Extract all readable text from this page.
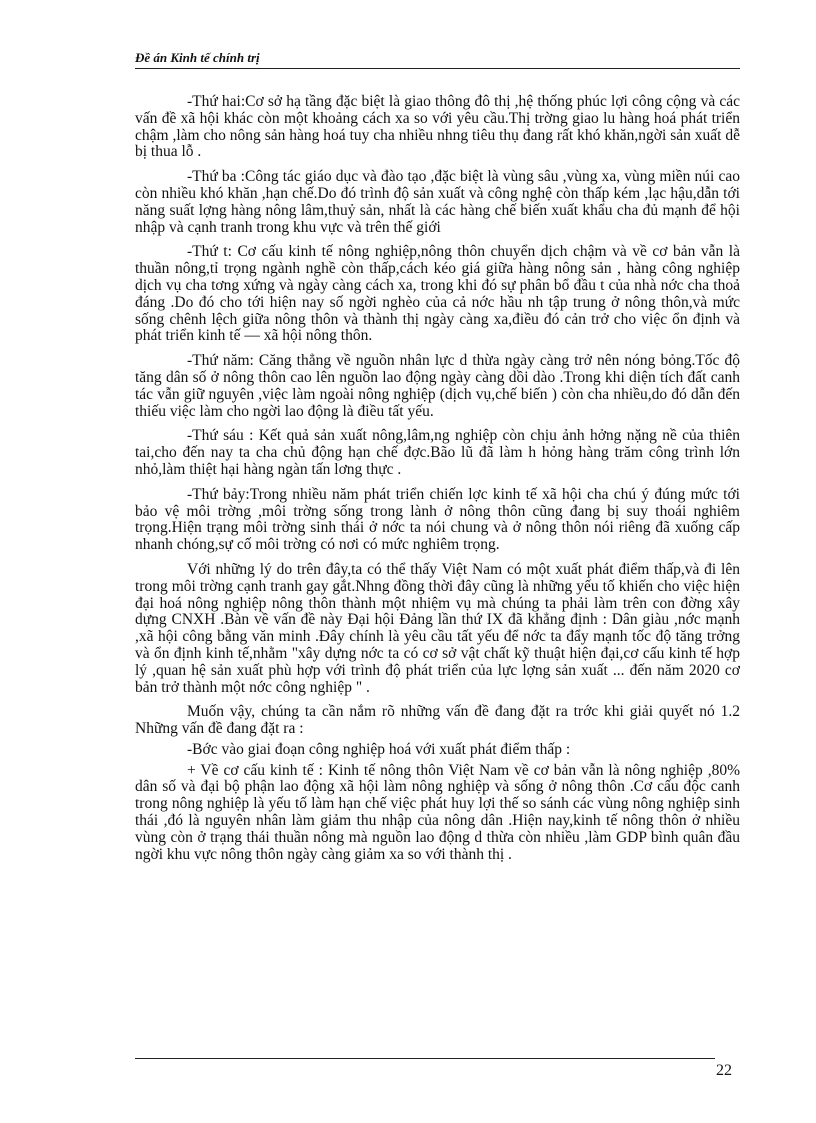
Đề án Kinh tế chính trị

-Thứ hai:Cơ sở hạ tầng đặc biệt là giao thông đô thị ,hệ thống phúc lợi công cộng và các vấn đề xã hội khác còn một khoảng cách xa so với yêu cầu.Thị trờng giao lu hàng hoá phát triển chậm ,làm cho nông sản hàng hoá tuy cha nhiều nhng tiêu thụ đang rất khó khăn,ngời sản xuất dễ bị thua lỗ .

-Thứ ba :Công tác giáo dục và đào tạo ,đặc biệt là vùng sâu ,vùng xa, vùng miền núi cao còn nhiều khó khăn ,hạn chế.Do đó trình độ sản xuất và công nghệ còn thấp kém ,lạc hậu,dẫn tới năng suất lợng hàng nông lâm,thuỷ sản, nhất là các hàng chế biến xuất khẩu cha đủ mạnh để hội nhập và cạnh tranh trong khu vực và trên thế giới

-Thứ t: Cơ cấu kinh tế nông nghiệp,nông thôn chuyển dịch chậm và về cơ bản vẫn là thuần nông,tỉ trọng ngành nghề còn thấp,cách kéo giá giữa hàng nông sản , hàng công nghiệp dịch vụ cha tơng xứng và ngày càng cách xa, trong khi đó sự phân bổ đầu t của nhà nớc cha thoả đáng .Do đó cho tới hiện nay số ngời nghèo của cả nớc hầu nh tập trung ở nông thôn,và mức sống chênh lệch giữa nông thôn và thành thị ngày càng xa,điều đó cản trở cho việc ổn định và phát triển kinh tế — xã hội nông thôn.

-Thứ năm: Căng thẳng về nguồn nhân lực d thừa ngày càng trở nên nóng bỏng.Tốc độ tăng dân số ở nông thôn cao lên nguồn lao động ngày càng dồi dào .Trong khi diện tích đất canh tác vẫn giữ nguyên ,việc làm ngoài nông nghiệp (dịch vụ,chế biến ) còn cha nhiều,do đó dẫn đến thiếu việc làm cho ngời lao động là điều tất yếu.

-Thứ sáu : Kết quả sản xuất nông,lâm,ng nghiệp còn chịu ảnh hởng nặng nề của thiên tai,cho đến nay ta cha chủ động hạn chế đợc.Bão lũ đã làm h hỏng hàng trăm công trình lớn nhỏ,làm thiệt hại hàng ngàn tấn lơng thực .

-Thứ bảy:Trong nhiều năm phát triển chiến lợc kinh tế xã hội cha chú ý đúng mức tới bảo vệ môi trờng ,môi trờng sống trong lành ở nông thôn cũng đang bị suy thoái nghiêm trọng.Hiện trạng môi trờng sinh thái ở nớc ta nói chung và ở nông thôn nói riêng đã xuống cấp nhanh chóng,sự cố môi trờng có nơi có mức nghiêm trọng.

Với những lý do trên đây,ta có thể thấy Việt Nam có một xuất phát điểm thấp,và đi lên trong môi trờng cạnh tranh gay gắt.Nhng đồng thời đây cũng là những yếu tố khiến cho việc hiện đại hoá nông nghiệp nông thôn thành một nhiệm vụ mà chúng ta phải làm trên con đờng xây dựng CNXH .Bàn về vấn đề này Đại hội Đảng lần thứ IX đã khẳng định : Dân giàu ,nớc mạnh ,xã hội công bằng văn minh .Đây chính là yêu cầu tất yếu để nớc ta đẩy mạnh tốc độ tăng trởng và ổn định kinh tế,nhằm "xây dựng nớc ta có cơ sở vật chất kỹ thuật hiện đại,cơ cấu kinh tế hợp lý ,quan hệ sản xuất phù hợp với trình độ phát triển của lực lợng sản xuất ... đến năm 2020 cơ bản trở thành một nớc công nghiệp " .

Muốn vậy, chúng ta cần nắm rõ những vấn đề đang đặt ra trớc khi giải quyết nó 1.2 Những vấn đề đang đặt ra :

-Bớc vào giai đoạn công nghiệp hoá với xuất phát điểm thấp :

+ Về cơ cấu kinh tế : Kinh tế nông thôn Việt Nam về cơ bản vẫn là nông nghiệp ,80% dân số và đại bộ phận lao động xã hội làm nông nghiệp và sống ở nông thôn .Cơ cấu độc canh trong nông nghiệp là yếu tố làm hạn chế việc phát huy lợi thế so sánh các vùng nông nghiệp sinh thái ,đó là nguyên nhân làm giảm thu nhập của nông dân .Hiện nay,kinh tế nông thôn ở nhiều vùng còn ở trạng thái thuần nông mà nguồn lao động d thừa còn nhiều ,làm GDP bình quân đầu ngời khu vực nông thôn ngày càng giảm xa so với thành thị .

22
